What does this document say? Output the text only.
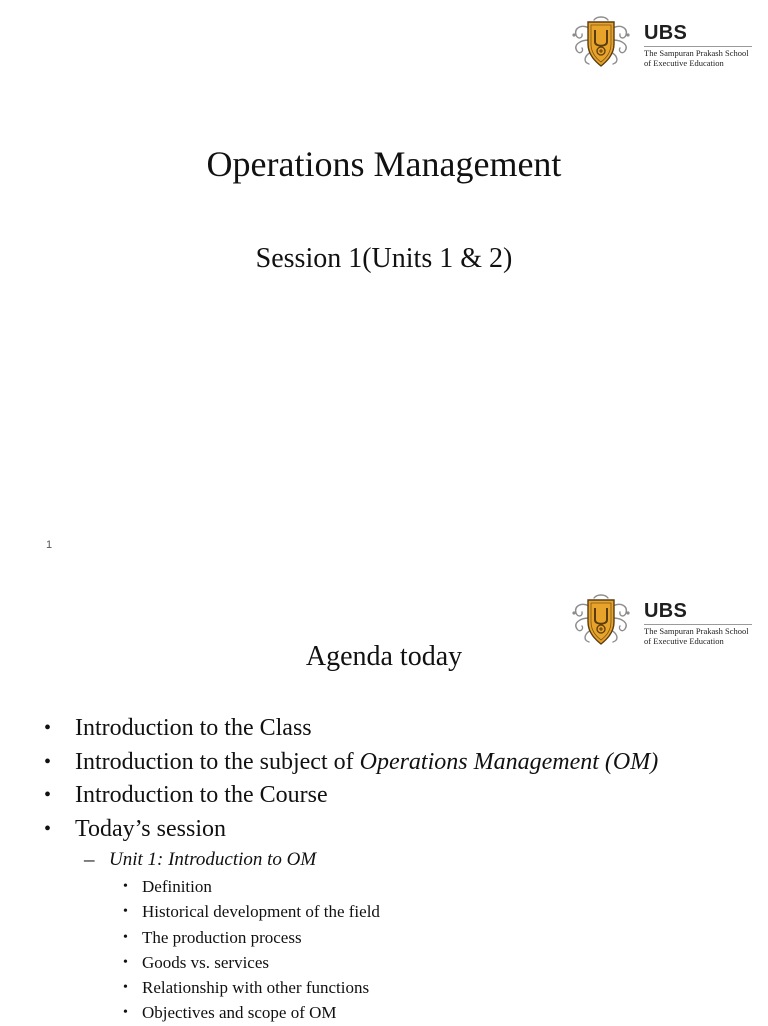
UBS
The Sampuran Prakash School
of Executive Education
Operations Management
Session 1(Units 1 & 2)
1
UBS
The Sampuran Prakash School
of Executive Education
Agenda today
• Introduction to the Class
• Introduction to the subject of Operations Management (OM)
• Introduction to the Course
• Today’s session
– Unit 1: Introduction to OM
• Definition
• Historical development of the field
• The production process
• Goods vs. services
• Relationship with other functions
• Objectives and scope of OM
